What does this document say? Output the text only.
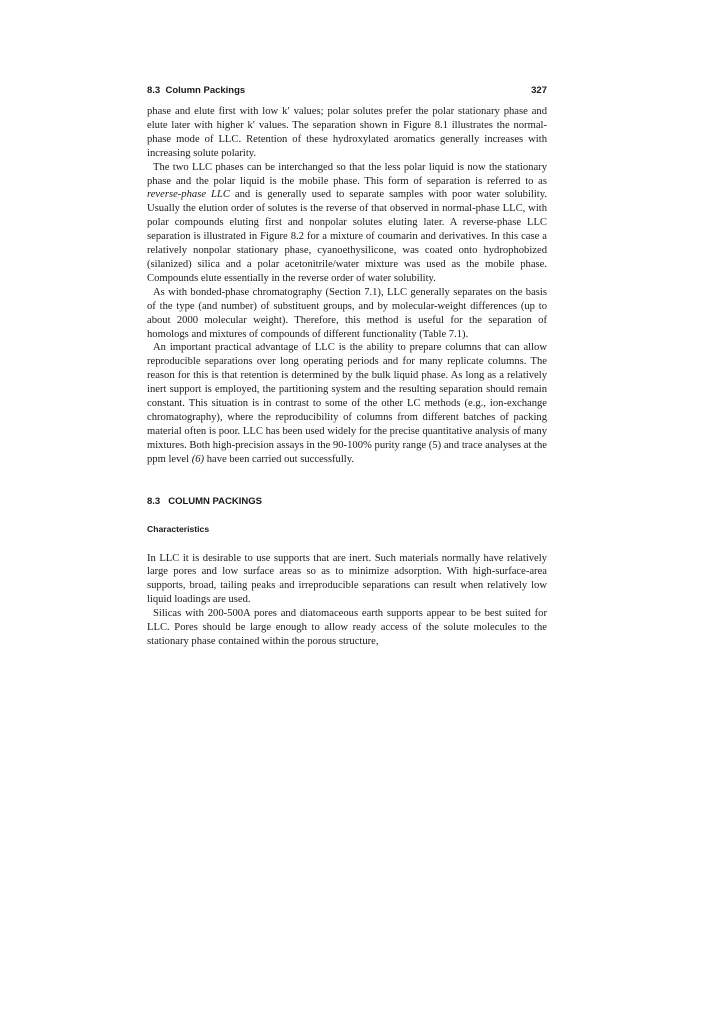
8.3  Column Packings	327

phase and elute first with low k′ values; polar solutes prefer the polar stationary phase and elute later with higher k′ values. The separation shown in Figure 8.1 illustrates the normal-phase mode of LLC. Retention of these hydroxylated aromatics generally increases with increasing solute polarity.

The two LLC phases can be interchanged so that the less polar liquid is now the stationary phase and the polar liquid is the mobile phase. This form of separation is referred to as reverse-phase LLC and is generally used to separate samples with poor water solubility. Usually the elution order of solutes is the reverse of that observed in normal-phase LLC, with polar compounds eluting first and nonpolar solutes eluting later. A reverse-phase LLC separation is illustrated in Figure 8.2 for a mixture of coumarin and derivatives. In this case a relatively nonpolar stationary phase, cyanoethysilicone, was coated onto hydrophobized (silanized) silica and a polar acetonitrile/water mixture was used as the mobile phase. Compounds elute essentially in the reverse order of water solubility.

As with bonded-phase chromatography (Section 7.1), LLC generally separates on the basis of the type (and number) of substituent groups, and by molecular-weight differences (up to about 2000 molecular weight). Therefore, this method is useful for the separation of homologs and mixtures of compounds of different functionality (Table 7.1).

An important practical advantage of LLC is the ability to prepare columns that can allow reproducible separations over long operating periods and for many replicate columns. The reason for this is that retention is determined by the bulk liquid phase. As long as a relatively inert support is employed, the partitioning system and the resulting separation should remain constant. This situation is in contrast to some of the other LC methods (e.g., ion-exchange chromatography), where the reproducibility of columns from different batches of packing material often is poor. LLC has been used widely for the precise quantitative analysis of many mixtures. Both high-precision assays in the 90-100% purity range (5) and trace analyses at the ppm level (6) have been carried out successfully.

8.3 COLUMN PACKINGS
Characteristics

In LLC it is desirable to use supports that are inert. Such materials normally have relatively large pores and low surface areas so as to minimize adsorption. With high-surface-area supports, broad, tailing peaks and irreproducible separations can result when relatively low liquid loadings are used.

Silicas with 200-500A pores and diatomaceous earth supports appear to be best suited for LLC. Pores should be large enough to allow ready access of the solute molecules to the stationary phase contained within the porous structure,
